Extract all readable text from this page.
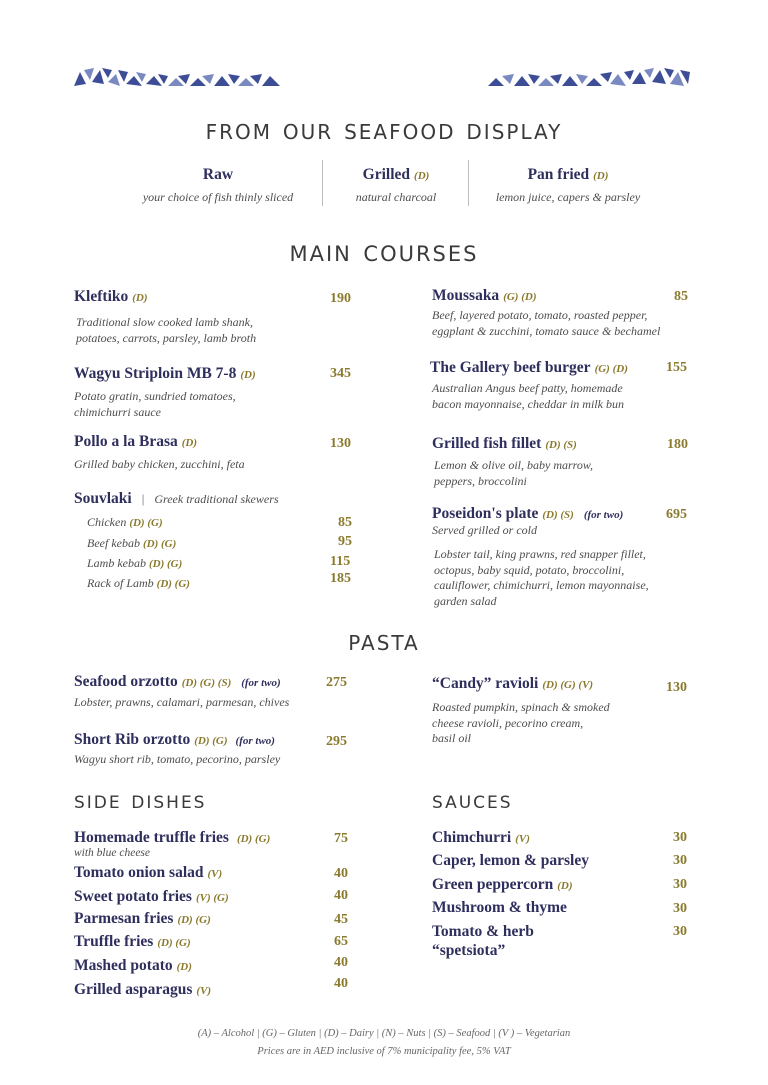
from our seafood display
Raw
your choice of fish thinly sliced
Grilled (D)
natural charcoal
Pan fried (D)
lemon juice, capers & parsley
main courses
Kleftiko (D)	190
Traditional slow cooked lamb shank,
potatoes, carrots, parsley, lamb broth
Wagyu Striploin MB 7-8 (D)	345
Potato gratin, sundried tomatoes,
chimichurri sauce
Pollo a la Brasa (D)	130
Grilled baby chicken, zucchini, feta
Souvlaki | Greek traditional skewers
Chicken (D) (G)	85
Beef kebab (D) (G)	95
Lamb kebab (D) (G)	115
Rack of Lamb (D) (G)	185
Moussaka (G) (D)	85
Beef, layered potato, tomato, roasted pepper,
eggplant & zucchini, tomato sauce & bechamel
The Gallery beef burger (G) (D)	155
Australian Angus beef patty, homemade
bacon mayonnaise, cheddar in milk bun
Grilled fish fillet (D) (S)	180
Lemon & olive oil, baby marrow,
peppers, broccolini
Poseidon's plate (D) (S) (for two)	695
Served grilled or cold
Lobster tail, king prawns, red snapper fillet,
octopus, baby squid, potato, broccolini,
cauliflower, chimichurri, lemon mayonnaise,
garden salad
pasta
Seafood orzotto (D) (G) (S) (for two)	275
Lobster, prawns, calamari, parmesan, chives
Short Rib orzotto (D) (G) (for two)	295
Wagyu short rib, tomato, pecorino, parsley
“Candy” ravioli (D) (G) (V)	130
Roasted pumpkin, spinach & smoked
cheese ravioli, pecorino cream,
basil oil
side dishes
Homemade truffle fries (D) (G)	75
with blue cheese
Tomato onion salad (V)	40
Sweet potato fries (V) (G)	40
Parmesan fries (D) (G)	45
Truffle fries (D) (G)	65
Mashed potato (D)	40
Grilled asparagus (V)	40
sauces
Chimchurri (V)	30
Caper, lemon & parsley	30
Green peppercorn (D)	30
Mushroom & thyme	30
Tomato & herb
“spetsiota”
30
(A) – Alcohol | (G) – Gluten | (D) – Dairy | (N) – Nuts | (S) – Seafood | (V ) – Vegetarian
Prices are in AED inclusive of 7% municipality fee, 5% VAT
